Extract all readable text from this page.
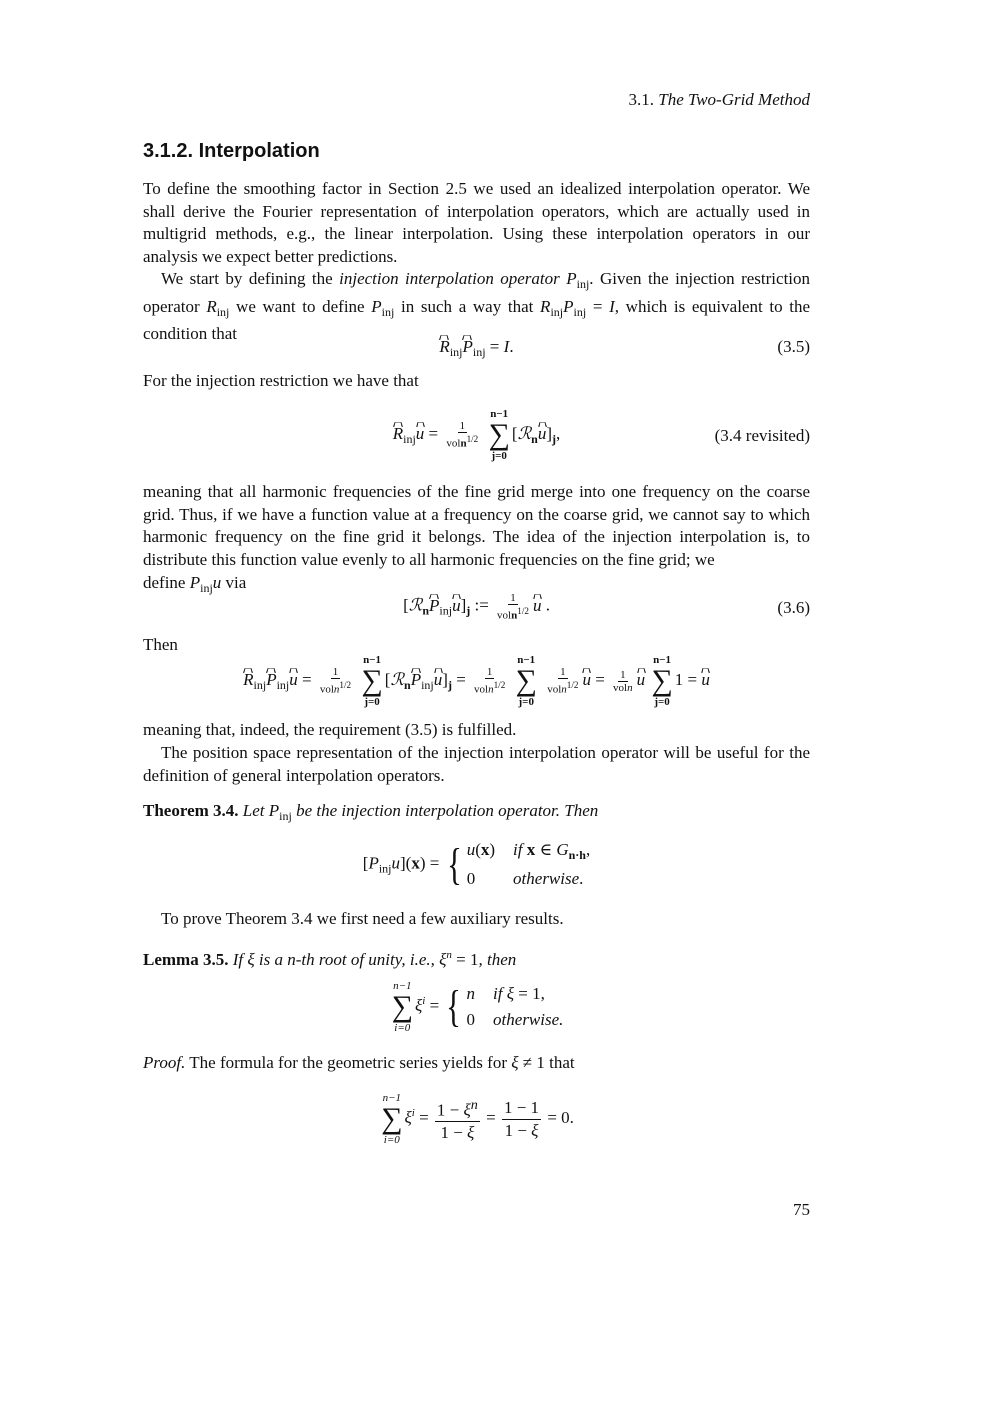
3.1. The Two-Grid Method
3.1.2. Interpolation
To define the smoothing factor in Section 2.5 we used an idealized interpolation operator. We shall derive the Fourier representation of interpolation operators, which are actually used in multigrid methods, e.g., the linear interpolation. Using these interpolation operators in our analysis we expect better predictions.
We start by defining the injection interpolation operator $P_{inj}$. Given the injection restriction operator $R_{inj}$ we want to define $P_{inj}$ in such a way that $R_{inj}P_{inj} = I$, which is equivalent to the condition that
$R_{inj}P_{inj} = I$.	(3.5)
For the injection restriction we have that
$R_{inj}u = \frac{1}{voln^{1/2}}$

n−1
∑
j=0
$[ℛ_nu]_j$,	(3.4 revisited)
meaning that all harmonic frequencies of the fine grid merge into one frequency on the coarse grid. Thus, if we have a function value at a frequency on the coarse grid, we cannot say to which harmonic frequency on the fine grid it belongs. The idea of the injection interpolation is, to distribute this function value evenly to all harmonic frequencies on the fine grid; we
define $P_{inj}u$ via
$[ℛ_nP_{inj}u]_j$ := $\frac{1}{voln^{1/2}}$ u .	(3.6)
Then
$R_{inj}P_{inj}u = \frac{1}{voln^{1/2}}$

n−1
∑
j=0
$[ℛ_nP_{inj}u]_j = \frac{1}{voln^{1/2}}$

n−1
∑
j=0

$\frac{1}{voln^{1/2}}$ $u = \frac{1}{voln}$ u
n−1
∑
j=0
1 = u
meaning that, indeed, the requirement (3.5) is fulfilled.
The position space representation of the injection interpolation operator will be useful for the definition of general interpolation operators.
Theorem 3.4. Let $P_{inj}$ be the injection interpolation operator. Then
$[P_{inj}u](x)$ = { u(x) if x ∈ $G_{n\cdot h}$,
0	otherwise.
To prove Theorem 3.4 we first need a few auxiliary results.
Lemma 3.5. If ξ is a n-th root of unity, i.e., $\xi^n = 1$, then
n−1
∑
i=0
$\xi^i$ = { n if ξ = 1,
0 otherwise.
Proof. The formula for the geometric series yields for ξ ≠ 1 that
n−1
∑
i=0
$\xi^i = \frac{1 - \xi^n}{1 - \xi} = \frac{1 - 1}{1 - \xi} = 0$.
75
